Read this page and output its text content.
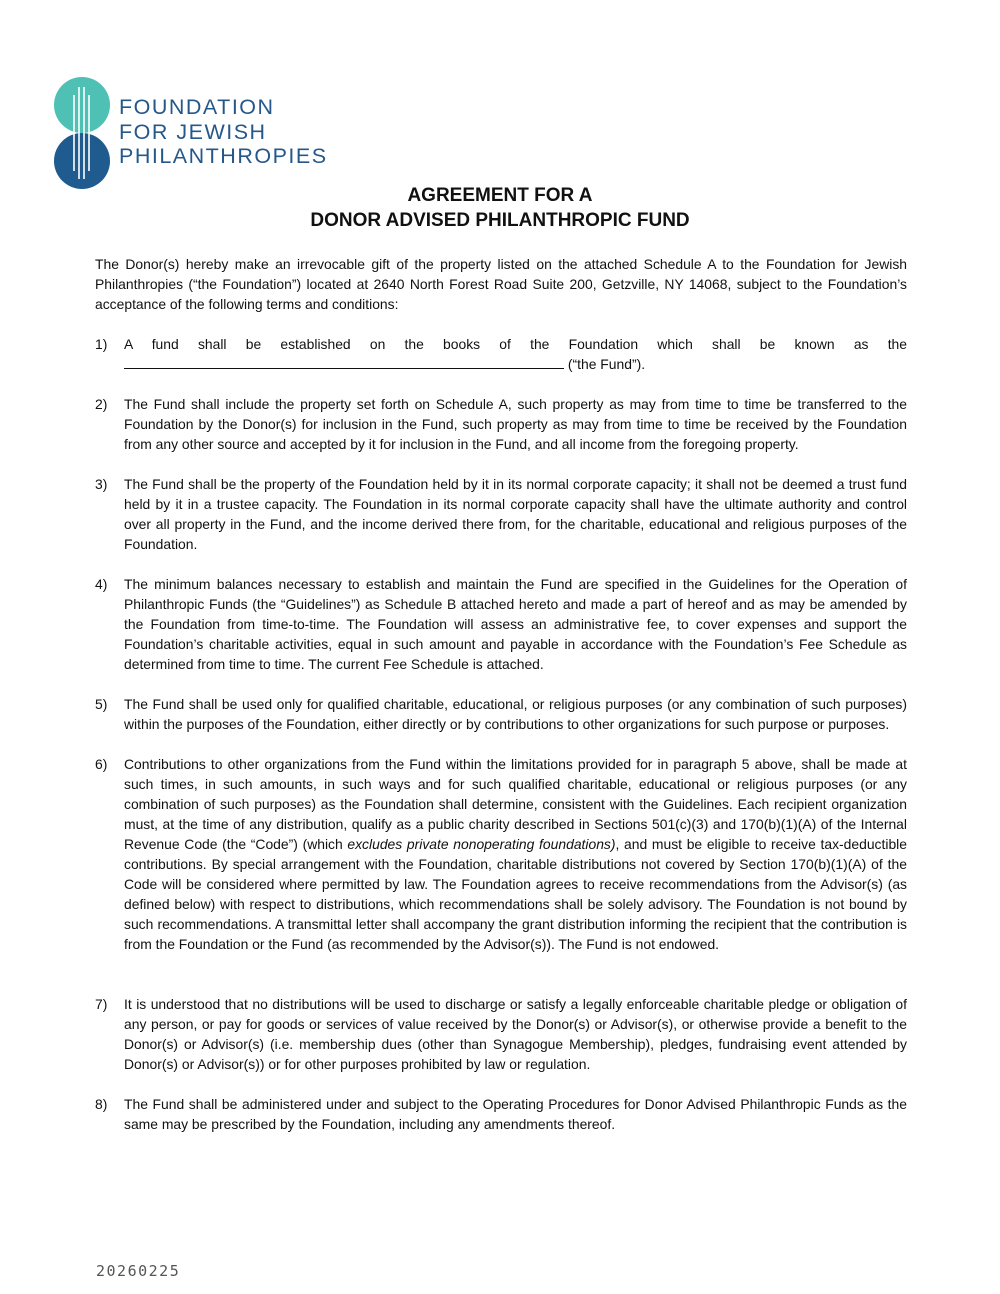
FOUNDATION
FOR JEWISH
PHILANTHROPIES
AGREEMENT FOR A
DONOR ADVISED PHILANTHROPIC FUND

The Donor(s) hereby make an irrevocable gift of the property listed on the attached Schedule A to the Foundation for Jewish Philanthropies (“the Foundation”) located at 2640 North Forest Road Suite 200, Getzville, NY 14068, subject to the Foundation’s acceptance of the following terms and conditions:

1) A fund shall be established on the books of the Foundation which shall be known as the
(“the Fund”).
2) The Fund shall include the property set forth on Schedule A, such property as may from time to time be transferred to the Foundation by the Donor(s) for inclusion in the Fund, such property as may from time to time be received by the Foundation from any other source and accepted by it for inclusion in the Fund, and all income from the foregoing property.
3) The Fund shall be the property of the Foundation held by it in its normal corporate capacity; it shall not be deemed a trust fund held by it in a trustee capacity. The Foundation in its normal corporate capacity shall have the ultimate authority and control over all property in the Fund, and the income derived there from, for the charitable, educational and religious purposes of the Foundation.
4) The minimum balances necessary to establish and maintain the Fund are specified in the Guidelines for the Operation of Philanthropic Funds (the “Guidelines”) as Schedule B attached hereto and made a part of hereof and as may be amended by the Foundation from time-to-time. The Foundation will assess an administrative fee, to cover expenses and support the Foundation’s charitable activities, equal in such amount and payable in accordance with the Foundation’s Fee Schedule as determined from time to time. The current Fee Schedule is attached.
5) The Fund shall be used only for qualified charitable, educational, or religious purposes (or any combination of such purposes) within the purposes of the Foundation, either directly or by contributions to other organizations for such purpose or purposes.
6) Contributions to other organizations from the Fund within the limitations provided for in paragraph 5 above, shall be made at such times, in such amounts, in such ways and for such qualified charitable, educational or religious purposes (or any combination of such purposes) as the Foundation shall determine, consistent with the Guidelines. Each recipient organization must, at the time of any distribution, qualify as a public charity described in Sections 501(c)(3) and 170(b)(1)(A) of the Internal Revenue Code (the “Code”) (which excludes private nonoperating foundations), and must be eligible to receive tax-deductible contributions. By special arrangement with the Foundation, charitable distributions not covered by Section 170(b)(1)(A) of the Code will be considered where permitted by law. The Foundation agrees to receive recommendations from the Advisor(s) (as defined below) with respect to distributions, which recommendations shall be solely advisory. The Foundation is not bound by such recommendations. A transmittal letter shall accompany the grant distribution informing the recipient that the contribution is from the Foundation or the Fund (as recommended by the Advisor(s)). The Fund is not endowed.
7) It is understood that no distributions will be used to discharge or satisfy a legally enforceable charitable pledge or obligation of any person, or pay for goods or services of value received by the Donor(s) or Advisor(s), or otherwise provide a benefit to the Donor(s) or Advisor(s) (i.e. membership dues (other than Synagogue Membership), pledges, fundraising event attended by Donor(s) or Advisor(s)) or for other purposes prohibited by law or regulation.
8) The Fund shall be administered under and subject to the Operating Procedures for Donor Advised Philanthropic Funds as the same may be prescribed by the Foundation, including any amendments thereof.
20260225
